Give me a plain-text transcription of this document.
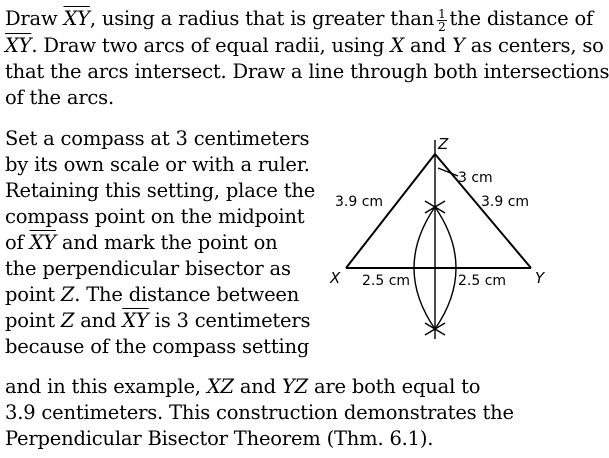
Draw $\overline{XY}$, using a radius that is greater than $\frac{1}{2}$ the distance of
$\overline{XY}$. Draw two arcs of equal radii, using X and Y as centers, so
that the arcs intersect. Draw a line through both intersections
of the arcs.

Set a compass at 3 centimeters
by its own scale or with a ruler.
Retaining this setting, place the
compass point on the midpoint
of $\overline{XY}$ and mark the point on
the perpendicular bisector as
point Z. The distance between
point Z and $\overline{XY}$ is 3 centimeters
because of the compass setting

and in this example, XZ and YZ are both equal to
3.9 centimeters. This construction demonstrates the
Perpendicular Bisector Theorem (Thm. 6.1).

Z
X	Y
3 cm
3.9 cm	3.9 cm
2.5 cm	2.5 cm
